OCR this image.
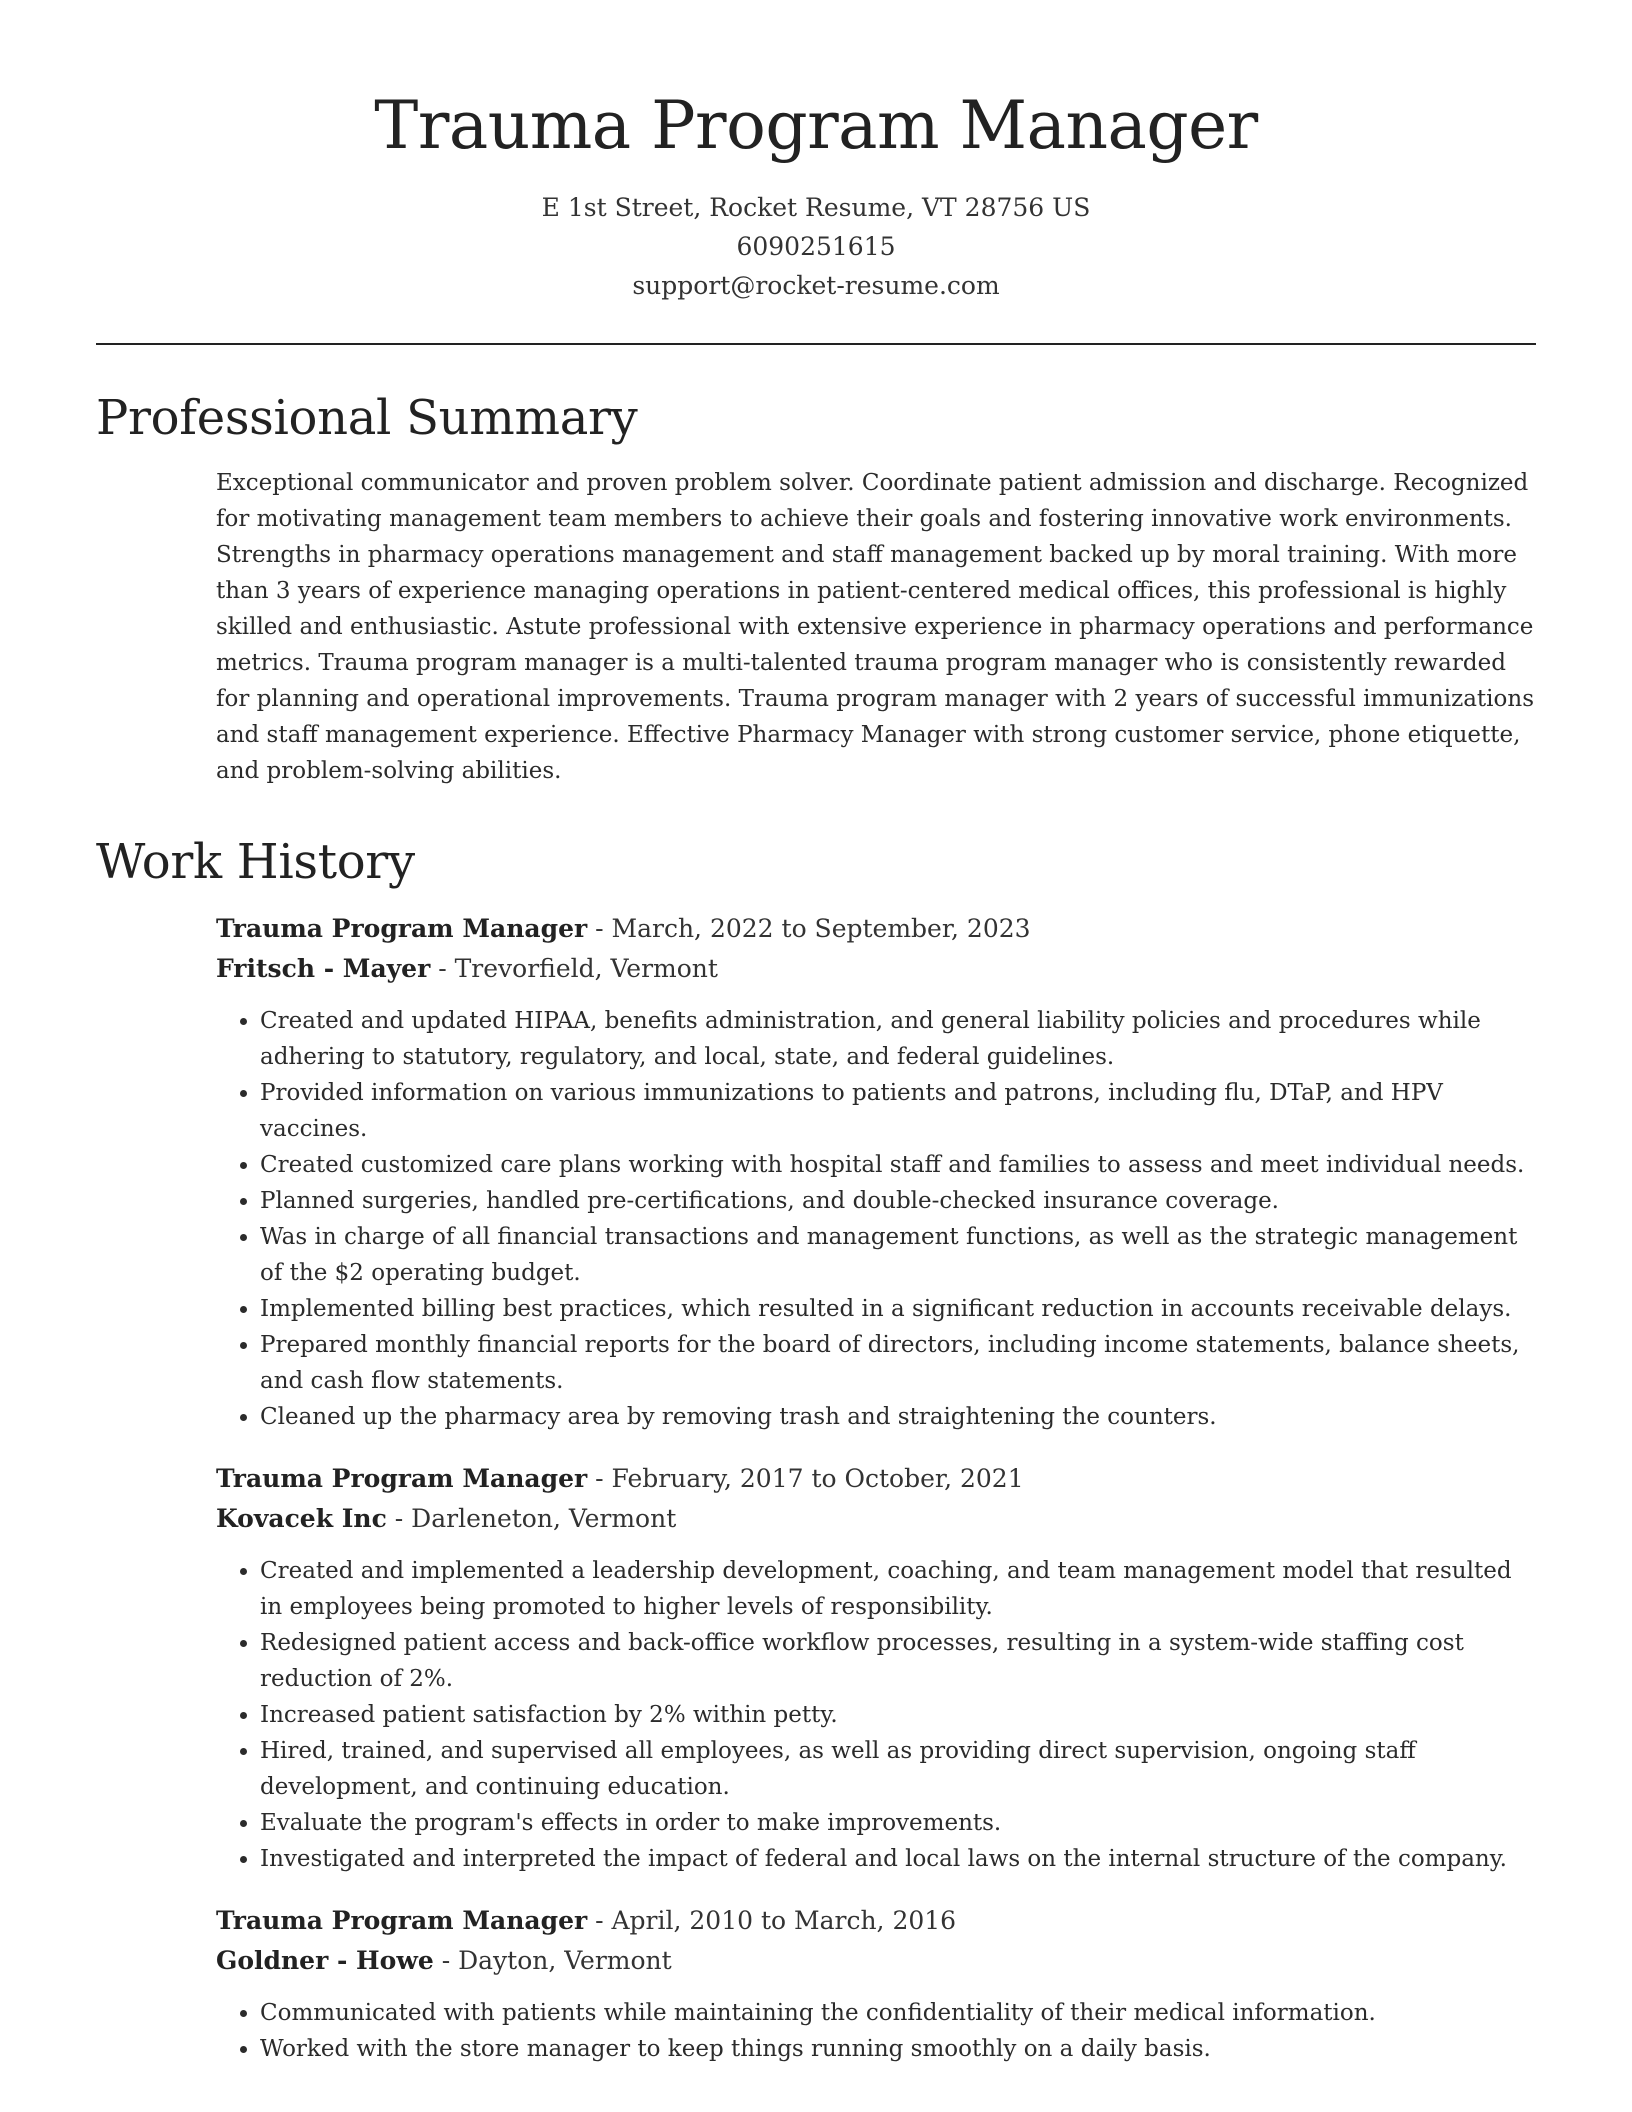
Trauma Program Manager
E 1st Street, Rocket Resume, VT 28756 US
6090251615
support@rocket-resume.com
Professional Summary
Exceptional communicator and proven problem solver. Coordinate patient admission and discharge. Recognized for motivating management team members to achieve their goals and fostering innovative work environments. Strengths in pharmacy operations management and staff management backed up by moral training. With more than 3 years of experience managing operations in patient-centered medical offices, this professional is highly skilled and enthusiastic. Astute professional with extensive experience in pharmacy operations and performance metrics. Trauma program manager is a multi-talented trauma program manager who is consistently rewarded for planning and operational improvements. Trauma program manager with 2 years of successful immunizations and staff management experience. Effective Pharmacy Manager with strong customer service, phone etiquette, and problem-solving abilities.
Work History
Trauma Program Manager - March, 2022 to September, 2023
Fritsch - Mayer - Trevorfield, Vermont
• Created and updated HIPAA, benefits administration, and general liability policies and procedures while adhering to statutory, regulatory, and local, state, and federal guidelines.
• Provided information on various immunizations to patients and patrons, including flu, DTaP, and HPV vaccines.
• Created customized care plans working with hospital staff and families to assess and meet individual needs.
• Planned surgeries, handled pre-certifications, and double-checked insurance coverage.
• Was in charge of all financial transactions and management functions, as well as the strategic management of the $2 operating budget.
• Implemented billing best practices, which resulted in a significant reduction in accounts receivable delays.
• Prepared monthly financial reports for the board of directors, including income statements, balance sheets, and cash flow statements.
• Cleaned up the pharmacy area by removing trash and straightening the counters.
Trauma Program Manager - February, 2017 to October, 2021
Kovacek Inc - Darleneton, Vermont
• Created and implemented a leadership development, coaching, and team management model that resulted in employees being promoted to higher levels of responsibility.
• Redesigned patient access and back-office workflow processes, resulting in a system-wide staffing cost reduction of 2%.
• Increased patient satisfaction by 2% within petty.
• Hired, trained, and supervised all employees, as well as providing direct supervision, ongoing staff development, and continuing education.
• Evaluate the program's effects in order to make improvements.
• Investigated and interpreted the impact of federal and local laws on the internal structure of the company.
Trauma Program Manager - April, 2010 to March, 2016
Goldner - Howe - Dayton, Vermont
• Communicated with patients while maintaining the confidentiality of their medical information.
• Worked with the store manager to keep things running smoothly on a daily basis.
